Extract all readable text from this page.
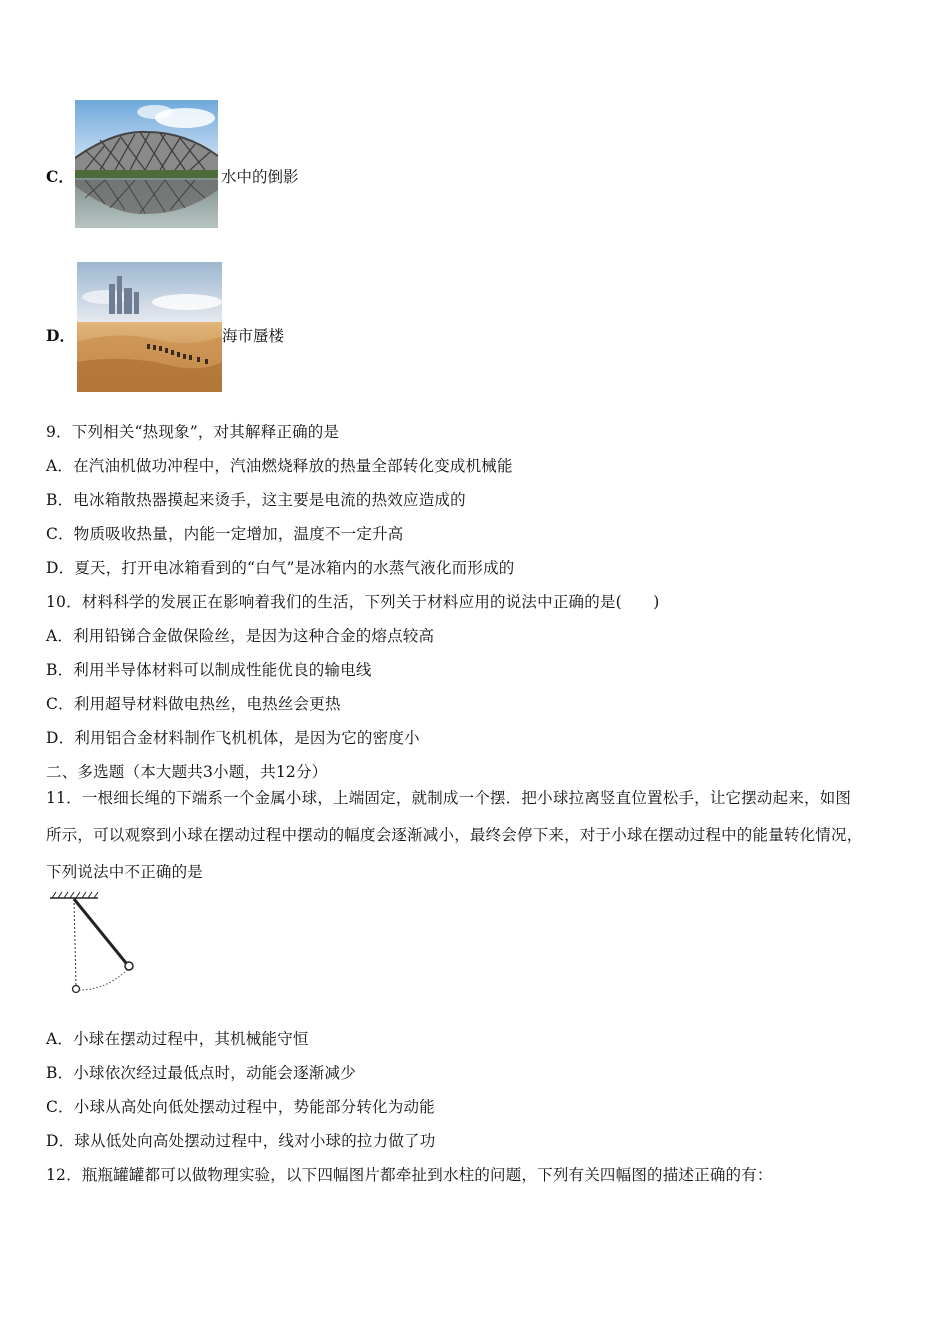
C．	水中的倒影
D．	海市蜃楼
9．下列相关“热现象”，对其解释正确的是
A．在汽油机做功冲程中，汽油燃烧释放的热量全部转化变成机械能
B．电冰箱散热器摸起来烫手，这主要是电流的热效应造成的
C．物质吸收热量，内能一定增加，温度不一定升高
D．夏天，打开电冰箱看到的“白气”是冰箱内的水蒸气液化而形成的
10．材料科学的发展正在影响着我们的生活，下列关于材料应用的说法中正确的是(　　)
A．利用铅锑合金做保险丝，是因为这种合金的熔点较高
B．利用半导体材料可以制成性能优良的输电线
C．利用超导材料做电热丝，电热丝会更热
D．利用铝合金材料制作飞机机体，是因为它的密度小
二、多选题（本大题共3小题，共12分）
11．一根细长绳的下端系一个金属小球，上端固定，就制成一个摆．把小球拉离竖直位置松手，让它摆动起来，如图
所示，可以观察到小球在摆动过程中摆动的幅度会逐渐减小，最终会停下来，对于小球在摆动过程中的能量转化情况，
下列说法中不正确的是
A．小球在摆动过程中，其机械能守恒
B．小球依次经过最低点时，动能会逐渐减少
C．小球从高处向低处摆动过程中，势能部分转化为动能
D．球从低处向高处摆动过程中，线对小球的拉力做了功
12．瓶瓶罐罐都可以做物理实验，以下四幅图片都牵扯到水柱的问题，下列有关四幅图的描述正确的有：
